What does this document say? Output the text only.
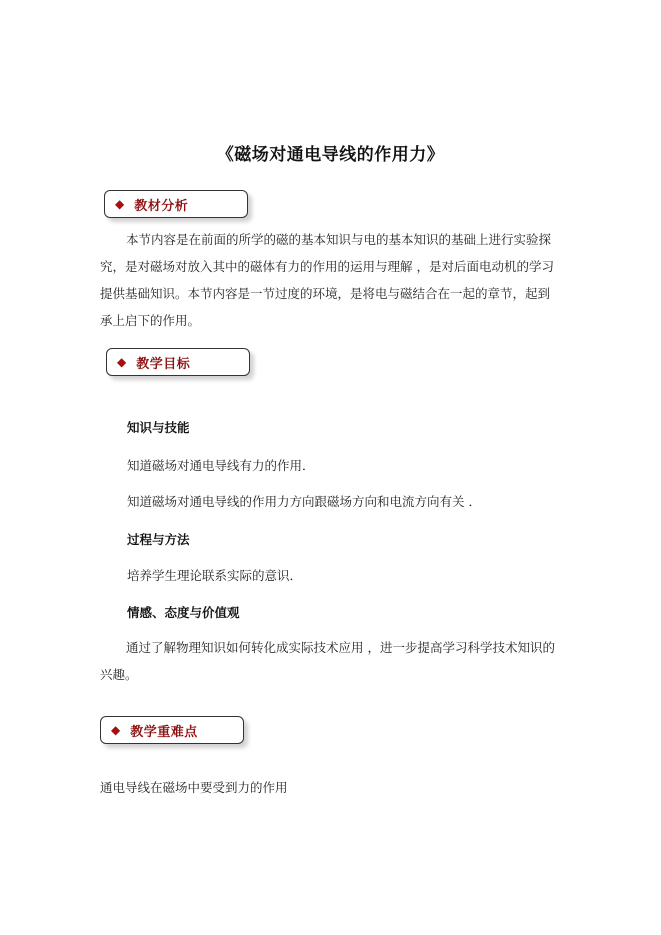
《磁场对通电导线的作用力》
◆ 教材分析
本节内容是在前面的所学的磁的基本知识与电的基本知识的基础上进行实验探究，是对磁场对放入其中的磁体有力的作用的运用与理解 ，是对后面电动机的学习提供基础知识。本节内容是一节过度的环境，是将电与磁结合在一起的章节，起到承上启下的作用。
◆ 教学目标
知识与技能
知道磁场对通电导线有力的作用．
知道磁场对通电导线的作用力方向跟磁场方向和电流方向有关 ．
过程与方法
培养学生理论联系实际的意识．
情感、态度与价值观
通过了解物理知识如何转化成实际技术应用 ，进一步提高学习科学技术知识的兴趣。
◆ 教学重难点
通电导线在磁场中要受到力的作用
